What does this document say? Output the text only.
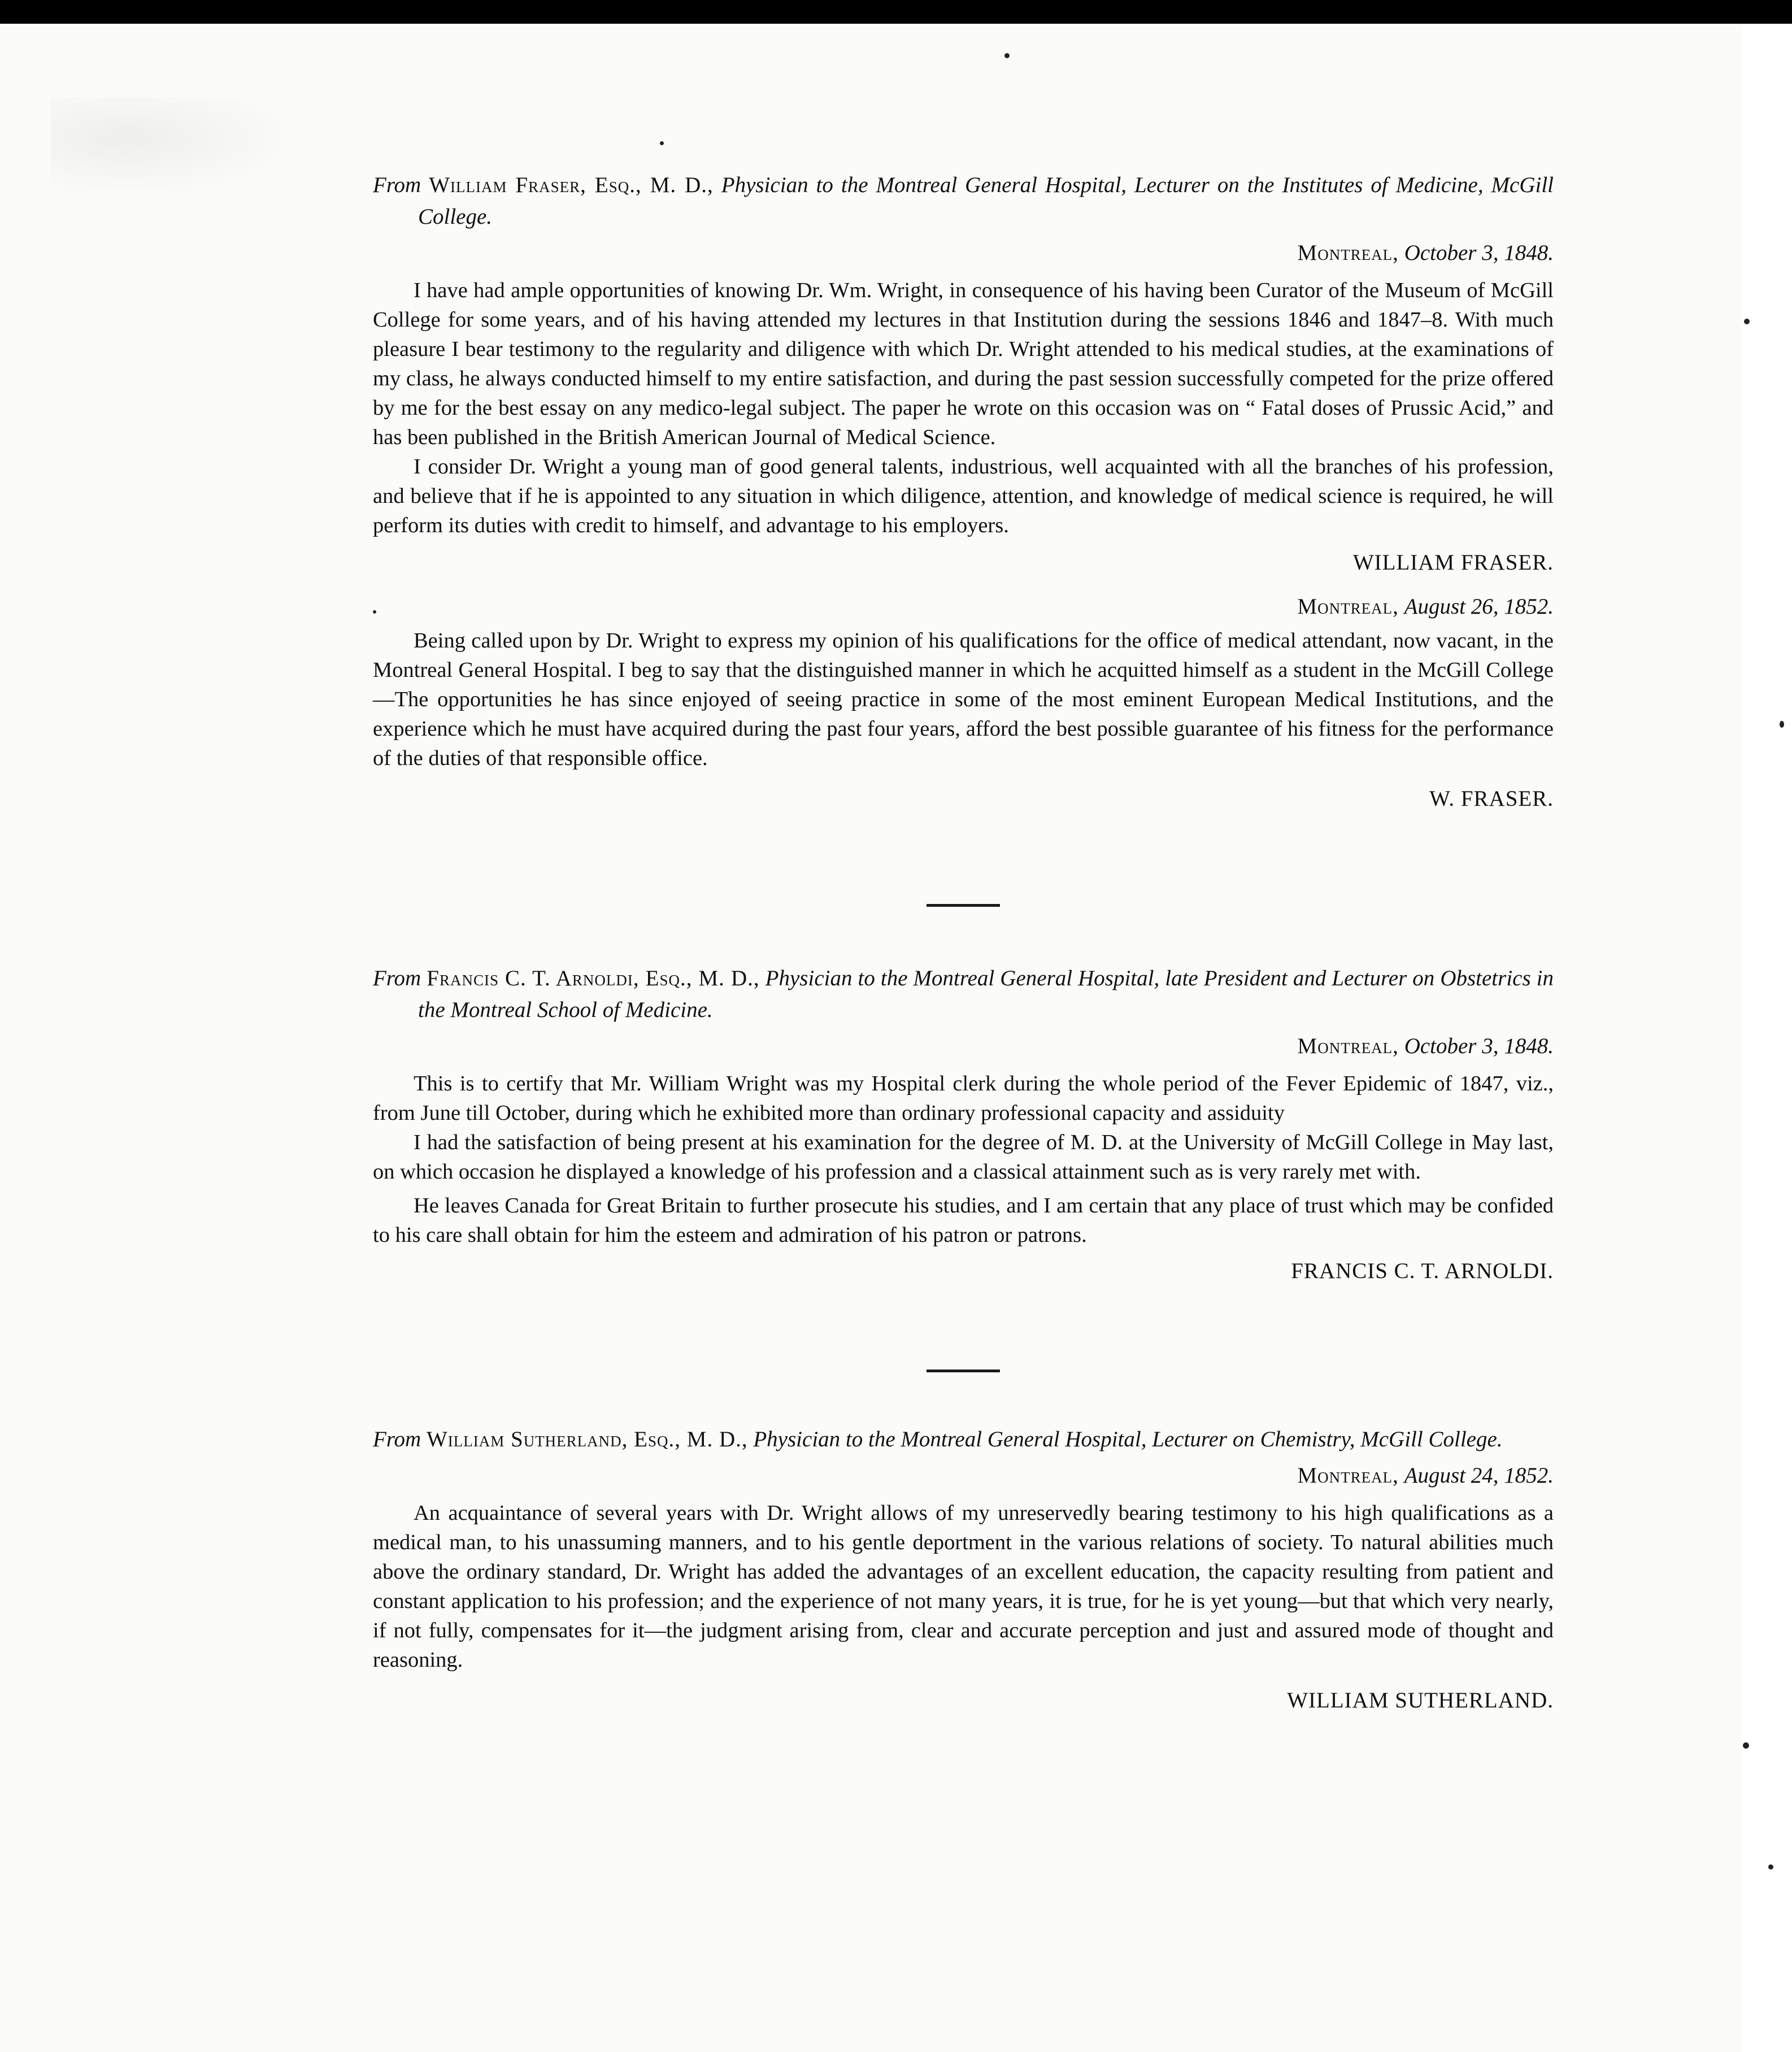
From William Fraser, Esq., M. D., Physician to the Montreal General Hospital, Lecturer on the Institutes of Medicine, McGill College.

Montreal, October 3, 1848.

I have had ample opportunities of knowing Dr. Wm. Wright, in consequence of his having been Curator of the Museum of McGill College for some years, and of his having attended my lectures in that Institution during the sessions 1846 and 1847–8. With much pleasure I bear testimony to the regularity and diligence with which Dr. Wright attended to his medical studies, at the examinations of my class, he always conducted himself to my entire satisfaction, and during the past session successfully competed for the prize offered by me for the best essay on any medico-legal subject. The paper he wrote on this occasion was on “ Fatal doses of Prussic Acid,” and has been published in the British American Journal of Medical Science.

I consider Dr. Wright a young man of good general talents, industrious, well acquainted with all the branches of his profession, and believe that if he is appointed to any situation in which diligence, attention, and knowledge of medical science is required, he will perform its duties with credit to himself, and advantage to his employers.

WILLIAM FRASER.

Montreal, August 26, 1852.

Being called upon by Dr. Wright to express my opinion of his qualifications for the office of medical attendant, now vacant, in the Montreal General Hospital. I beg to say that the distinguished manner in which he acquitted himself as a student in the McGill College—The opportunities he has since enjoyed of seeing practice in some of the most eminent European Medical Institutions, and the experience which he must have acquired during the past four years, afford the best possible guarantee of his fitness for the performance of the duties of that responsible office.

W. FRASER.

From Francis C. T. Arnoldi, Esq., M. D., Physician to the Montreal General Hospital, late President and Lecturer on Obstetrics in the Montreal School of Medicine.

Montreal, October 3, 1848.

This is to certify that Mr. William Wright was my Hospital clerk during the whole period of the Fever Epidemic of 1847, viz., from June till October, during which he exhibited more than ordinary professional capacity and assiduity

I had the satisfaction of being present at his examination for the degree of M. D. at the University of McGill College in May last, on which occasion he displayed a knowledge of his profession and a classical attainment such as is very rarely met with.

He leaves Canada for Great Britain to further prosecute his studies, and I am certain that any place of trust which may be confided to his care shall obtain for him the esteem and admiration of his patron or patrons.

FRANCIS C. T. ARNOLDI.

From William Sutherland, Esq., M. D., Physician to the Montreal General Hospital, Lecturer on Chemistry, McGill College.

Montreal, August 24, 1852.

An acquaintance of several years with Dr. Wright allows of my unreservedly bearing testimony to his high qualifications as a medical man, to his unassuming manners, and to his gentle deportment in the various relations of society. To natural abilities much above the ordinary standard, Dr. Wright has added the advantages of an excellent education, the capacity resulting from patient and constant application to his profession; and the experience of not many years, it is true, for he is yet young—but that which very nearly, if not fully, compensates for it—the judgment arising from, clear and accurate perception and just and assured mode of thought and reasoning.

WILLIAM SUTHERLAND.
